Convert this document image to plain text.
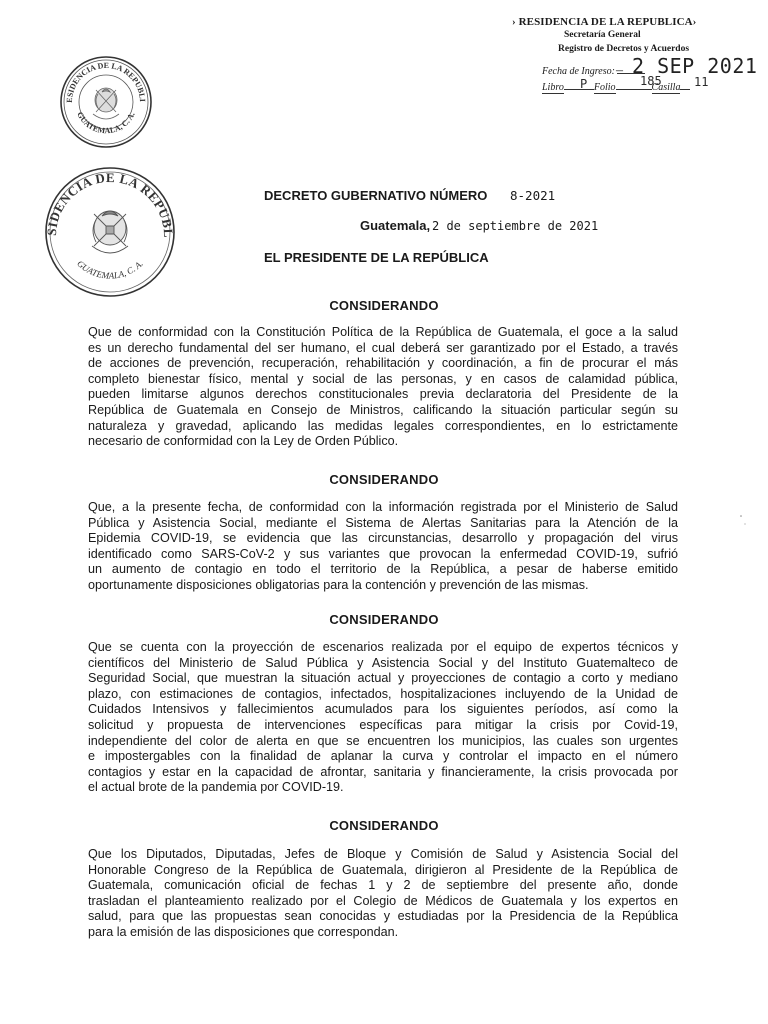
› RESIDENCIA DE LA REPUBLICA›
Secretaría General
Registro de Decretos y Acuerdos
Fecha de Ingreso: – 2 SEP 2021
Libro	Folio	Casilla
P	185	11
ESIDENCIA DE LA REPUBLI
GUATEMALA, C. A.
SIDENCIA DE LA REPUBL
GUATEMALA, C. A.
DECRETO GUBERNATIVO NÚMERO 8-2021
Guatemala, 2 de septiembre de 2021
EL PRESIDENTE DE LA REPÚBLICA
CONSIDERANDO
Que de conformidad con la Constitución Política de la República de Guatemala, el goce a la salud
es un derecho fundamental del ser humano, el cual deberá ser garantizado por el Estado, a través
de acciones de prevención, recuperación, rehabilitación y coordinación, a fin de procurar el más
completo bienestar físico, mental y social de las personas, y en casos de calamidad pública,
pueden limitarse algunos derechos constitucionales previa declaratoria del Presidente de la
República de Guatemala en Consejo de Ministros, calificando la situación particular según su
naturaleza y gravedad, aplicando las medidas legales correspondientes, en lo estrictamente
necesario de conformidad con la Ley de Orden Público.
CONSIDERANDO
Que, a la presente fecha, de conformidad con la información registrada por el Ministerio de Salud
Pública y Asistencia Social, mediante el Sistema de Alertas Sanitarias para la Atención de la
Epidemia COVID-19, se evidencia que las circunstancias, desarrollo y propagación del virus
identificado como SARS-CoV-2 y sus variantes que provocan la enfermedad COVID-19, sufrió
un aumento de contagio en todo el territorio de la República, a pesar de haberse emitido
oportunamente disposiciones obligatorias para la contención y prevención de las mismas.
CONSIDERANDO
Que se cuenta con la proyección de escenarios realizada por el equipo de expertos técnicos y
científicos del Ministerio de Salud Pública y Asistencia Social y del Instituto Guatemalteco de
Seguridad Social, que muestran la situación actual y proyecciones de contagio a corto y mediano
plazo, con estimaciones de contagios, infectados, hospitalizaciones incluyendo de la Unidad de
Cuidados Intensivos y fallecimientos acumulados para los siguientes períodos, así como la
solicitud y propuesta de intervenciones específicas para mitigar la crisis por Covid-19,
independiente del color de alerta en que se encuentren los municipios, las cuales son urgentes
e impostergables con la finalidad de aplanar la curva y controlar el impacto en el número
contagios y estar en la capacidad de afrontar, sanitaria y financieramente, la crisis provocada por
el actual brote de la pandemia por COVID-19.
CONSIDERANDO
Que los Diputados, Diputadas, Jefes de Bloque y Comisión de Salud y Asistencia Social del
Honorable Congreso de la República de Guatemala, dirigieron al Presidente de la República de
Guatemala, comunicación oficial de fechas 1 y 2 de septiembre del presente año, donde
trasladan el planteamiento realizado por el Colegio de Médicos de Guatemala y los expertos en
salud, para que las propuestas sean conocidas y estudiadas por la Presidencia de la República
para la emisión de las disposiciones que correspondan.
